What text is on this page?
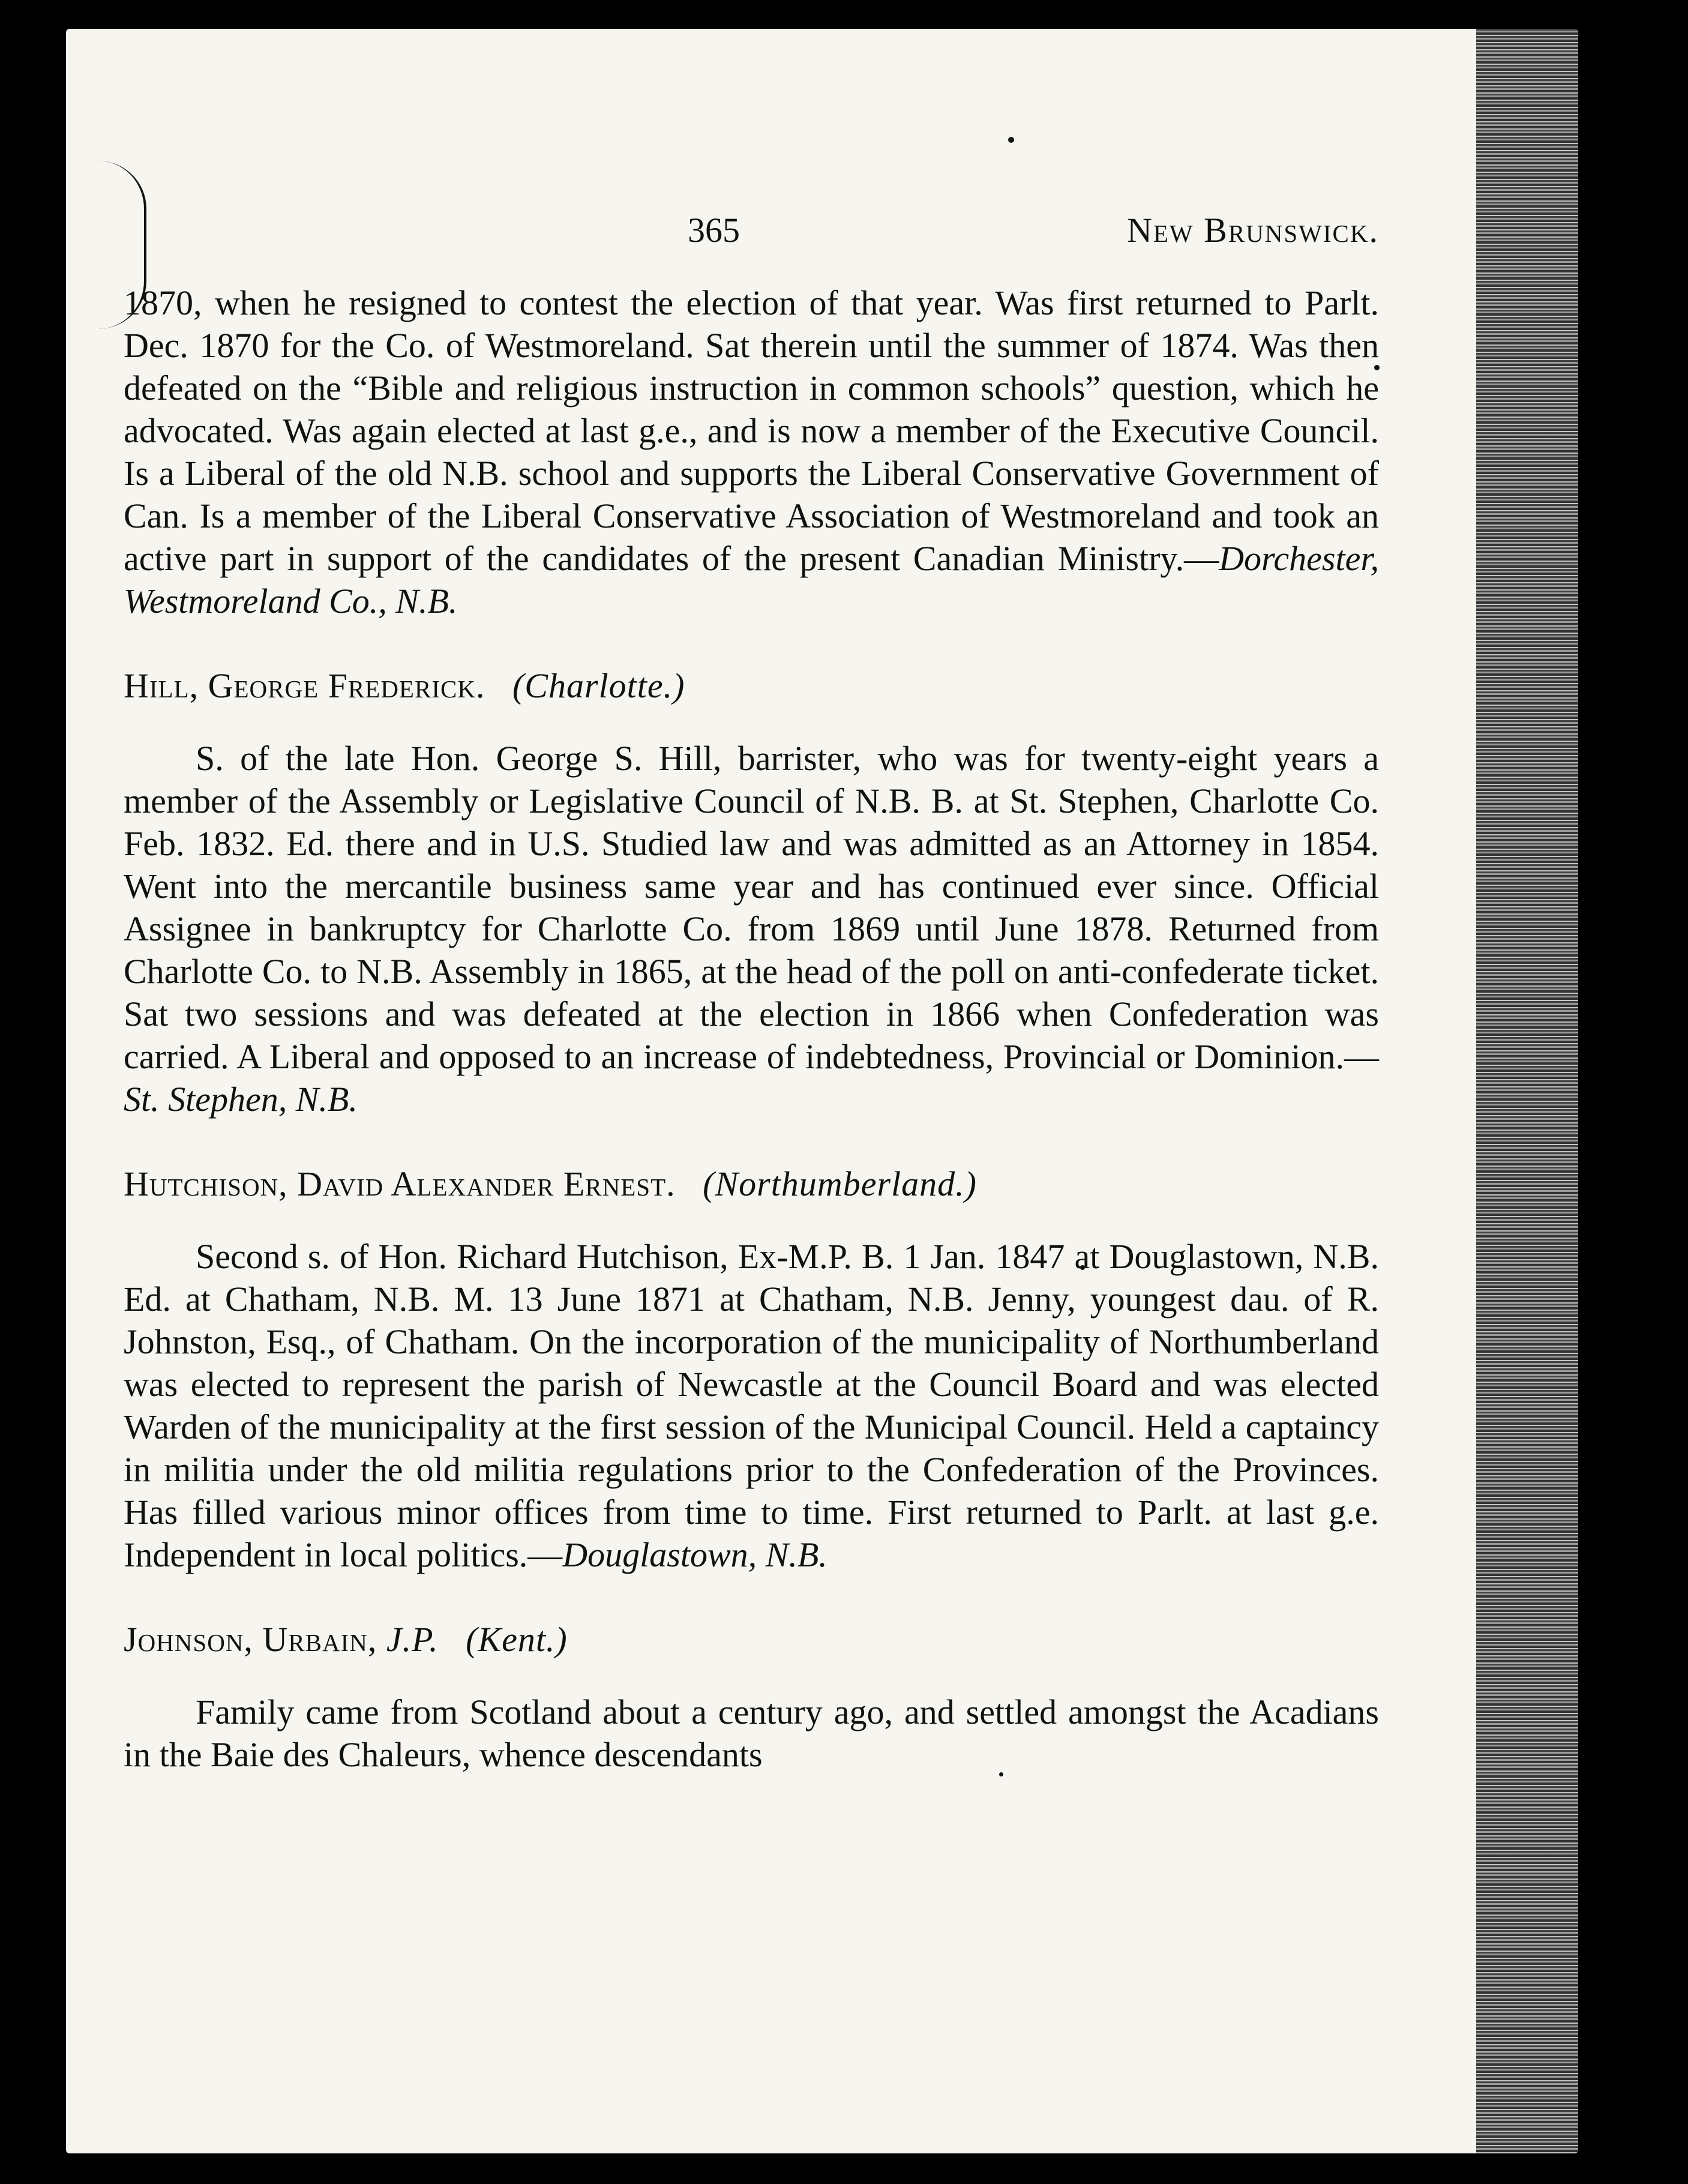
365	New Brunswick.

1870, when he resigned to contest the election of that year. Was first returned to Parlt. Dec. 1870 for the Co. of Westmoreland. Sat therein until the summer of 1874. Was then defeated on the “Bible and religious instruction in common schools” question, which he advocated. Was again elected at last g.e., and is now a member of the Executive Council. Is a Liberal of the old N.B. school and supports the Liberal Conservative Government of Can. Is a member of the Liberal Conservative Association of Westmoreland and took an active part in support of the candidates of the present Canadian Ministry.—Dorchester, Westmoreland Co., N.B.

Hill, George Frederick. (Charlotte.)

S. of the late Hon. George S. Hill, barrister, who was for twenty-eight years a member of the Assembly or Legislative Council of N.B. B. at St. Stephen, Charlotte Co. Feb. 1832. Ed. there and in U.S. Studied law and was admitted as an Attorney in 1854. Went into the mercantile business same year and has continued ever since. Official Assignee in bankruptcy for Charlotte Co. from 1869 until June 1878. Returned from Charlotte Co. to N.B. Assembly in 1865, at the head of the poll on anti-confederate ticket. Sat two sessions and was defeated at the election in 1866 when Confederation was carried. A Liberal and opposed to an increase of indebtedness, Provincial or Dominion.—St. Stephen, N.B.

Hutchison, David Alexander Ernest. (Northumberland.)

Second s. of Hon. Richard Hutchison, Ex-M.P. B. 1 Jan. 1847 at Douglastown, N.B. Ed. at Chatham, N.B. M. 13 June 1871 at Chatham, N.B. Jenny, youngest dau. of R. Johnston, Esq., of Chatham. On the incorporation of the municipality of Northumberland was elected to represent the parish of Newcastle at the Council Board and was elected Warden of the municipality at the first session of the Municipal Council. Held a captaincy in militia under the old militia regulations prior to the Confederation of the Provinces. Has filled various minor offices from time to time. First returned to Parlt. at last g.e. Independent in local politics.—Douglastown, N.B.

Johnson, Urbain, J.P. (Kent.)

Family came from Scotland about a century ago, and settled amongst the Acadians in the Baie des Chaleurs, whence descendants
